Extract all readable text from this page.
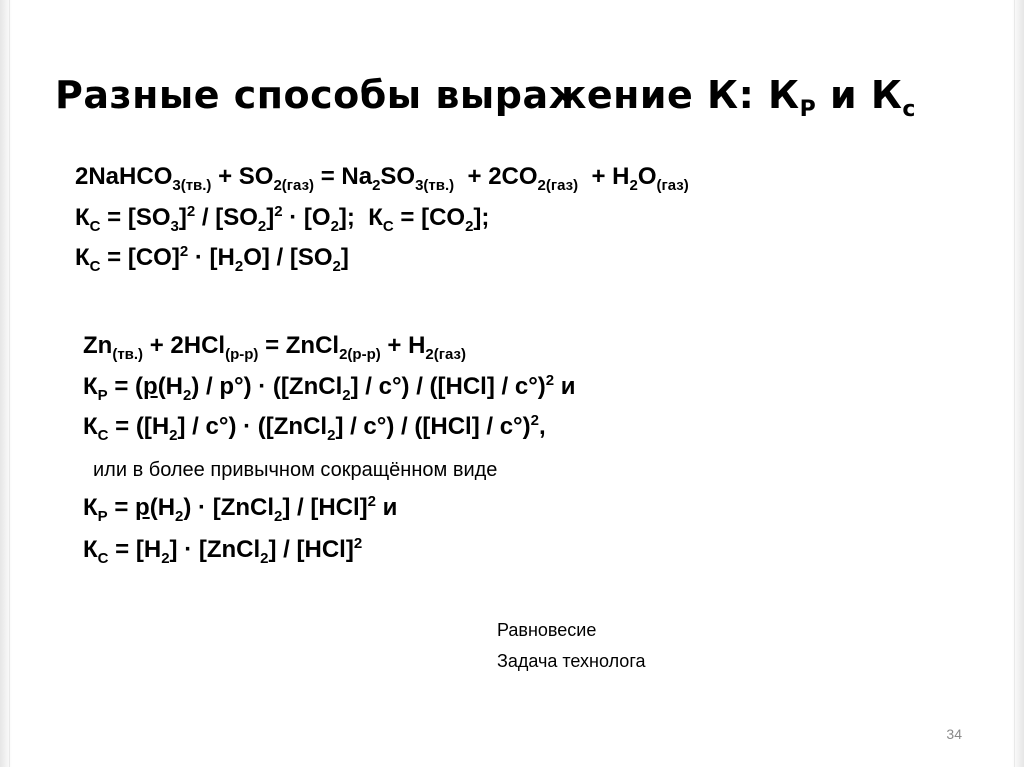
Разные способы выражение К: $К_Р$ и $К_с$
2NaHCO$_{3(тв.)}$ + $SO_{2(газ)} = Na_2SO_{3(тв.)} + 2CO_{2(газ)} + H_2O_{(газ)}$
$К_С = [SO_3]^2 / [SO_2]^2 \cdot [O_2]$;  $К_С = [CO_2]$;
$К_С = [CO]^2 \cdot [H_2O] / [SO_2]$
$Zn_{(тв.)} + 2HCl_{(р-р)}$ = ZnCl$_{2(р-р)}$ + $H_{2(газ)}$
$К_Р = (p(H_2) / p^\circ)$ · ([ZnCl$_2$] / c°) / ([HCl] / c°)$^2$ и
$К_С = ([H_2] / c^\circ)$ · ([ZnCl$_2$] / c°) / ([HCl] / c°)$^2$,
или в более привычном сокращённом виде
$К_Р = p(H_2)$ · [ZnCl$_2$] / [HCl]$^2$ и
$К_С = [H_2]$ · [ZnCl$_2$] / [HCl]$^2$
Равновесие
Задача технолога
34
